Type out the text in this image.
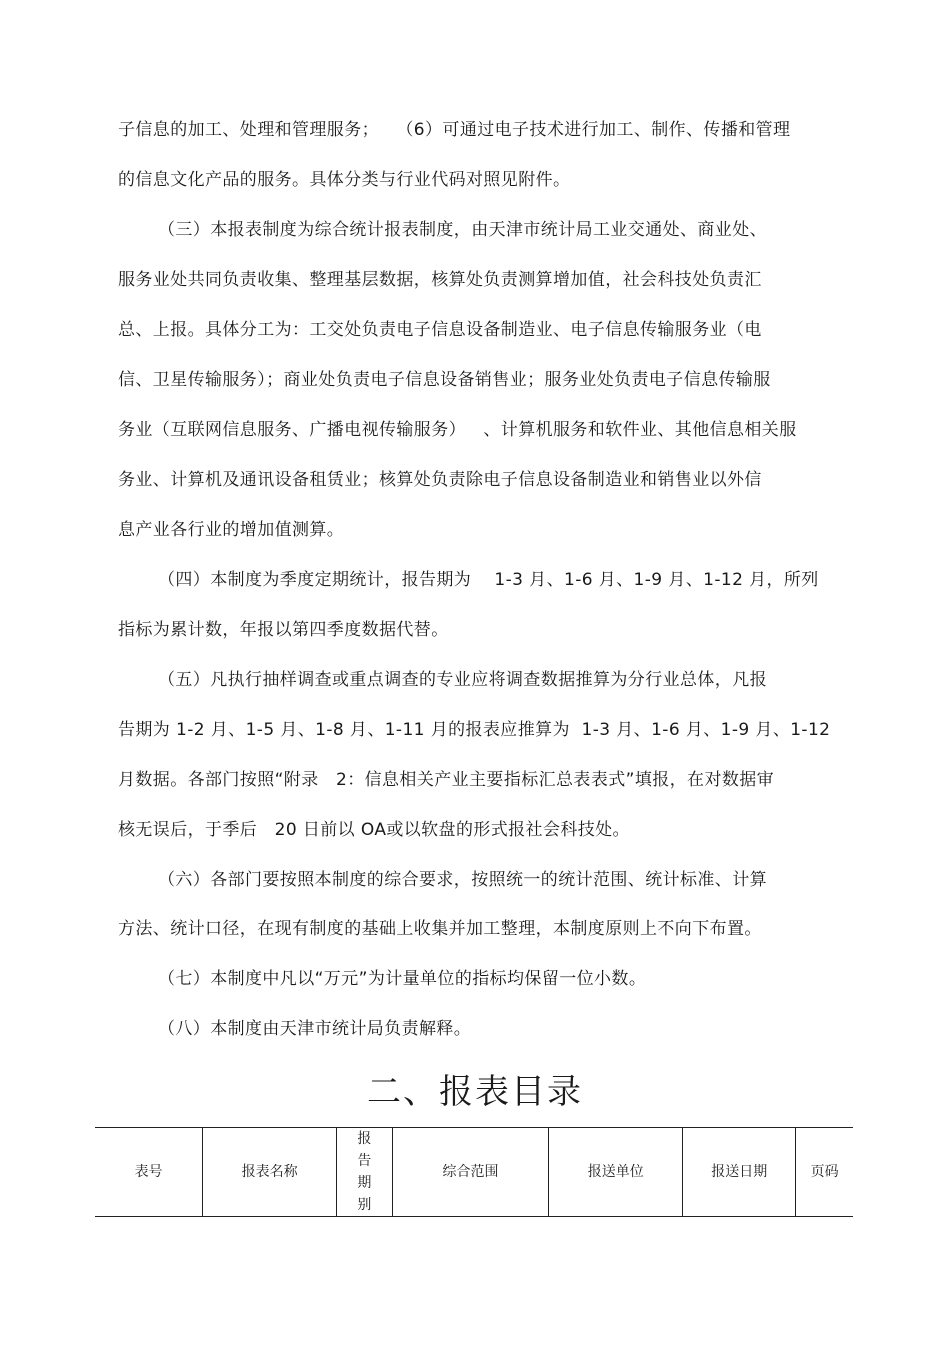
子信息的加工、处理和管理服务；   （6）可通过电子技术进行加工、制作、传播和管理
的信息文化产品的服务。具体分类与行业代码对照见附件。
（三）本报表制度为综合统计报表制度，由天津市统计局工业交通处、商业处、
服务业处共同负责收集、整理基层数据，核算处负责测算增加值，社会科技处负责汇
总、上报。具体分工为：工交处负责电子信息设备制造业、电子信息传输服务业（电
信、卫星传输服务）；商业处负责电子信息设备销售业；服务业处负责电子信息传输服
务业（互联网信息服务、广播电视传输服务）   、计算机服务和软件业、其他信息相关服
务业、计算机及通讯设备租赁业；核算处负责除电子信息设备制造业和销售业以外信
息产业各行业的增加值测算。
（四）本制度为季度定期统计，报告期为    1-3 月、1-6 月、1-9 月、1-12 月，所列
指标为累计数，年报以第四季度数据代替。
（五）凡执行抽样调查或重点调查的专业应将调查数据推算为分行业总体，凡报
告期为 1-2 月、1-5 月、1-8 月、1-11 月的报表应推算为  1-3 月、1-6 月、1-9 月、1-12
月数据。各部门按照“附录   2：信息相关产业主要指标汇总表表式”填报，在对数据审
核无误后，于季后   20 日前以 OA或以软盘的形式报社会科技处。
（六）各部门要按照本制度的综合要求，按照统一的统计范围、统计标准、计算
方法、统计口径，在现有制度的基础上收集并加工整理，本制度原则上不向下布置。
（七）本制度中凡以“万元”为计量单位的指标均保留一位小数。
（八）本制度由天津市统计局负责解释。
二、报表目录
表号	报表名称	报告期别	综合范围	报送单位	报送日期	页码
